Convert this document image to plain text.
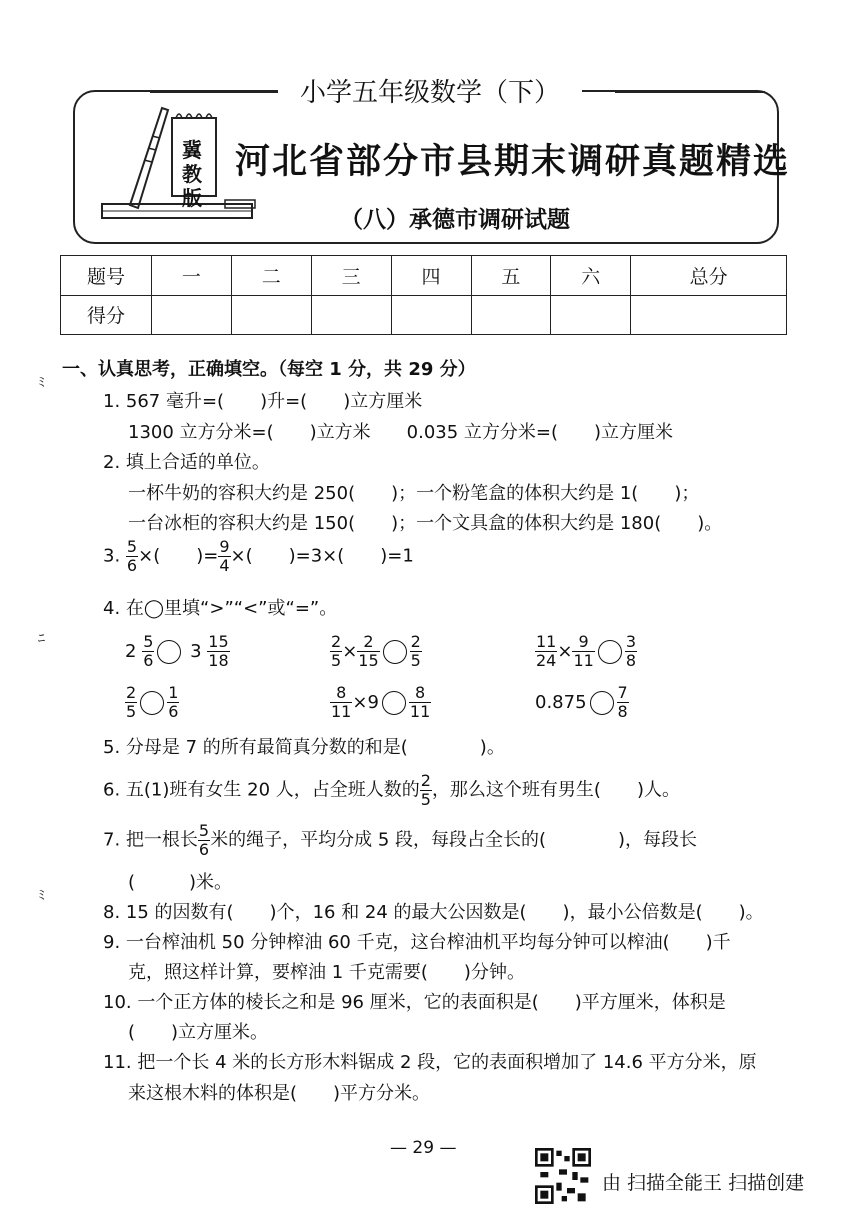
小学五年级数学（下）
冀
教
版
河北省部分市县期末调研真题精选
（八）承德市调研试题
题号	一	二	三	四	五	六	总分
得分							
一、认真思考，正确填空。（每空 1 分，共 29 分）
ﾐ
1. 567 毫升=(　　)升=(　　)立方厘米
1300 立方分米=(　　)立方米　　0.035 立方分米=(　　)立方厘米
2. 填上合适的单位。
一杯牛奶的容积大约是 250(　　)；一个粉笔盒的体积大约是 1(　　)；
一台冰柜的容积大约是 150(　　)；一个文具盒的体积大约是 180(　　)。
3. $\frac{5}{6}$ ×(　　)= $\frac{9}{4}$ ×(　　)=3×(　　)=1
4. 在◯里填“>”“<”或“=”。
ﾆ
$2 \frac{5}{6} 3 \frac{15}{18}$	$\frac{2}{5} \times \frac{2}{15} \frac{2}{5}$	$\frac{11}{24} \times \frac{9}{11} \frac{3}{8}$
$\frac{2}{5} \frac{1}{6}$	$\frac{8}{11} \times 9 \frac{8}{11}$	$0.875 \frac{7}{8}$
5. 分母是 7 的所有最简真分数的和是(　　　　)。
6. 五(1)班有女生 20 人，占全班人数的 $\frac{2}{5}$ ，那么这个班有男生(　　)人。
7. 把一根长 $\frac{5}{6}$ 米的绳子，平均分成 5 段，每段占全长的(　　　　)，每段长
(　　　)米。
ﾐ
8. 15 的因数有(　　)个，16 和 24 的最大公因数是(　　)，最小公倍数是(　　)。
9. 一台榨油机 50 分钟榨油 60 千克，这台榨油机平均每分钟可以榨油(　　)千
克，照这样计算，要榨油 1 千克需要(　　)分钟。
10. 一个正方体的棱长之和是 96 厘米，它的表面积是(　　)平方厘米，体积是
(　　)立方厘米。
11. 把一个长 4 米的长方形木料锯成 2 段，它的表面积增加了 14.6 平方分米，原
来这根木料的体积是(　　)平方分米。
— 29 —
由 扫描全能王 扫描创建
